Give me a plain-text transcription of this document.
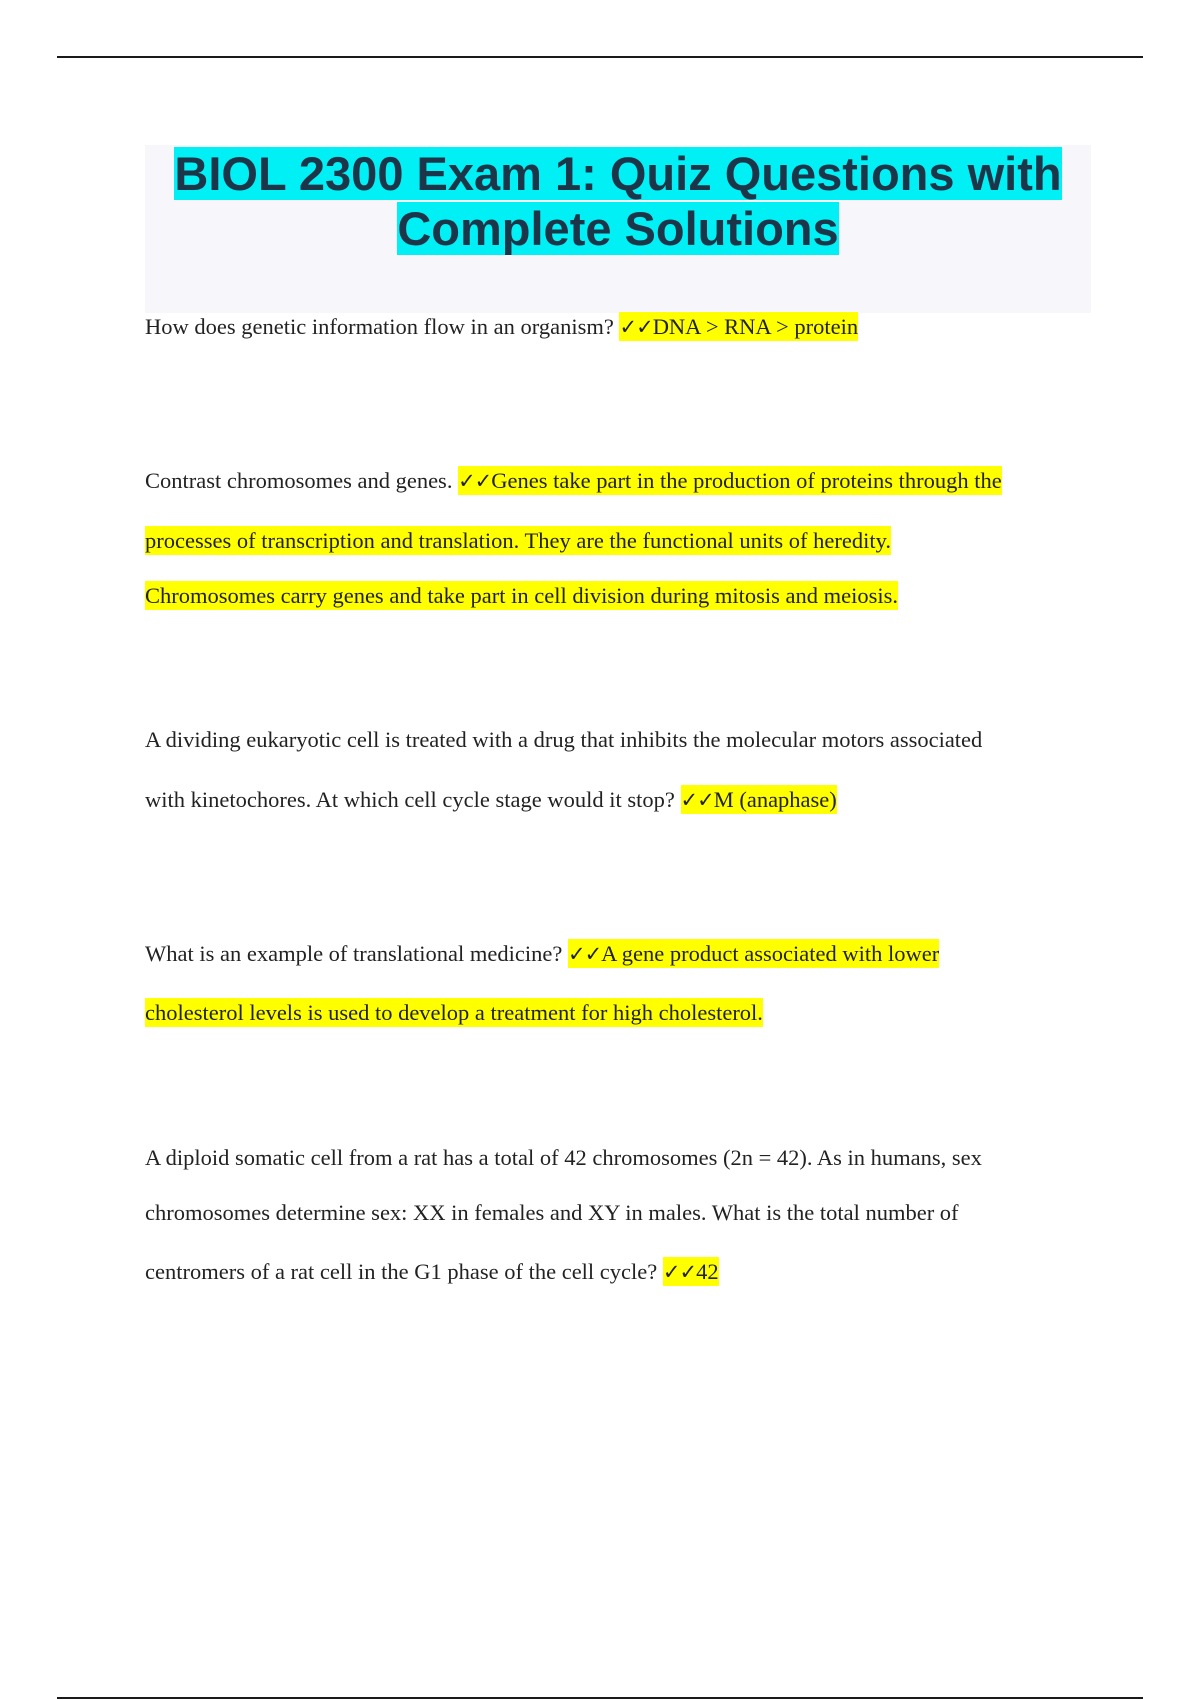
BIOL 2300 Exam 1: Quiz Questions with
Complete Solutions
How does genetic information flow in an organism? ✓✓DNA > RNA > protein
Contrast chromosomes and genes. ✓✓Genes take part in the production of proteins through the
processes of transcription and translation. They are the functional units of heredity.
Chromosomes carry genes and take part in cell division during mitosis and meiosis.
A dividing eukaryotic cell is treated with a drug that inhibits the molecular motors associated
with kinetochores. At which cell cycle stage would it stop? ✓✓M (anaphase)
What is an example of translational medicine? ✓✓A gene product associated with lower
cholesterol levels is used to develop a treatment for high cholesterol.
A diploid somatic cell from a rat has a total of 42 chromosomes (2n = 42). As in humans, sex
chromosomes determine sex: XX in females and XY in males. What is the total number of
centromers of a rat cell in the G1 phase of the cell cycle? ✓✓42
